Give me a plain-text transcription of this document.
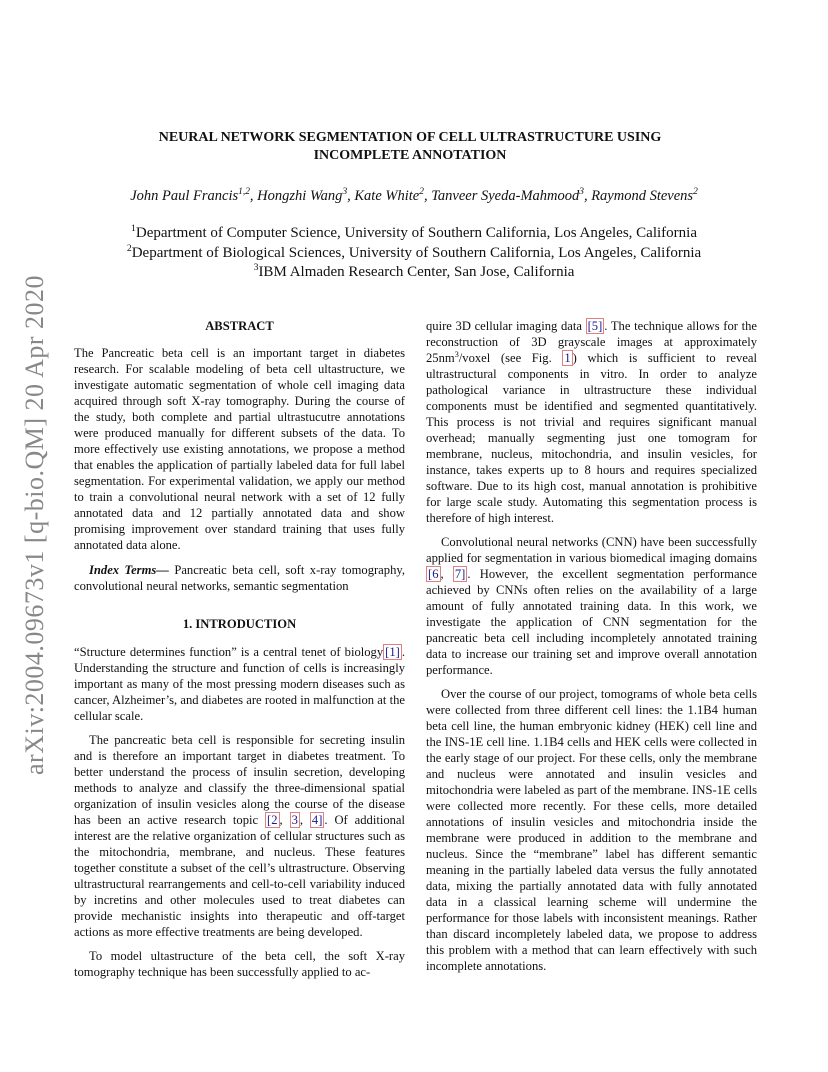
arXiv:2004.09673v1 [q-bio.QM] 20 Apr 2020
NEURAL NETWORK SEGMENTATION OF CELL ULTRASTRUCTURE USING
INCOMPLETE ANNOTATION
John Paul Francis$^{1,2}$, Hongzhi Wang$^3$, Kate White$^2$, Tanveer Syeda-Mahmood$^3$, Raymond Stevens$^2$
$^1$Department of Computer Science, University of Southern California, Los Angeles, California
$^2$Department of Biological Sciences, University of Southern California, Los Angeles, California
$^3$IBM Almaden Research Center, San Jose, California
ABSTRACT

The Pancreatic beta cell is an important target in diabetes research. For scalable modeling of beta cell ultastructure, we investigate automatic segmentation of whole cell imaging data acquired through soft X-ray tomography. During the course of the study, both complete and partial ultrastucutre annotations were produced manually for different subsets of the data. To more effectively use existing annotations, we propose a method that enables the application of partially labeled data for full label segmentation. For experimental validation, we apply our method to train a convolutional neural network with a set of 12 fully annotated data and 12 partially annotated data and show promising improvement over standard training that uses fully annotated data alone.

Index Terms— Pancreatic beta cell, soft x-ray tomography, convolutional neural networks, semantic segmentation

1. INTRODUCTION

“Structure determines function” is a central tenet of biology [1] . Understanding the structure and function of cells is increasingly important as many of the most pressing modern diseases such as cancer, Alzheimer’s, and diabetes are rooted in malfunction at the cellular scale.

The pancreatic beta cell is responsible for secreting insulin and is therefore an important target in diabetes treatment. To better understand the process of insulin secretion, developing methods to analyze and classify the three-dimensional spatial organization of insulin vesicles along the course of the disease has been an active research topic [2 , 3 , 4] . Of additional interest are the relative organization of cellular structures such as the mitochondria, membrane, and nucleus. These features together constitute a subset of the cell’s ultrastructure. Observing ultrastructural rearrangements and cell-to-cell variability induced by incretins and other molecules used to treat diabetes can provide mechanistic insights into therapeutic and off-target actions as more effective treatments are being developed.

To model ultastructure of the beta cell, the soft X-ray tomography technique has been successfully applied to ac-

quire 3D cellular imaging data [5] . The technique allows for the reconstruction of 3D grayscale images at approximately $25nm^3$/voxel (see Fig. 1 ) which is sufficient to reveal ultrastructural components in vitro. In order to analyze pathological variance in ultrastructure these individual components must be identified and segmented quantitatively. This process is not trivial and requires significant manual overhead; manually segmenting just one tomogram for membrane, nucleus, mitochondria, and insulin vesicles, for instance, takes experts up to 8 hours and requires specialized software. Due to its high cost, manual annotation is prohibitive for large scale study. Automating this segmentation process is therefore of high interest.

Convolutional neural networks (CNN) have been successfully applied for segmentation in various biomedical imaging domains [6 , 7] . However, the excellent segmentation performance achieved by CNNs often relies on the availability of a large amount of fully annotated training data. In this work, we investigate the application of CNN segmentation for the pancreatic beta cell including incompletely annotated training data to increase our training set and improve overall annotation performance.

Over the course of our project, tomograms of whole beta cells were collected from three different cell lines: the 1.1B4 human beta cell line, the human embryonic kidney (HEK) cell line and the INS-1E cell line. 1.1B4 cells and HEK cells were collected in the early stage of our project. For these cells, only the membrane and nucleus were annotated and insulin vesicles and mitochondria were labeled as part of the membrane. INS-1E cells were collected more recently. For these cells, more detailed annotations of insulin vesicles and mitochondria inside the membrane were produced in addition to the membrane and nucleus. Since the “membrane” label has different semantic meaning in the partially labeled data versus the fully annotated data, mixing the partially annotated data with fully annotated data in a classical learning scheme will undermine the performance for those labels with inconsistent meanings. Rather than discard incompletely labeled data, we propose to address this problem with a method that can learn effectively with such incomplete annotations.
